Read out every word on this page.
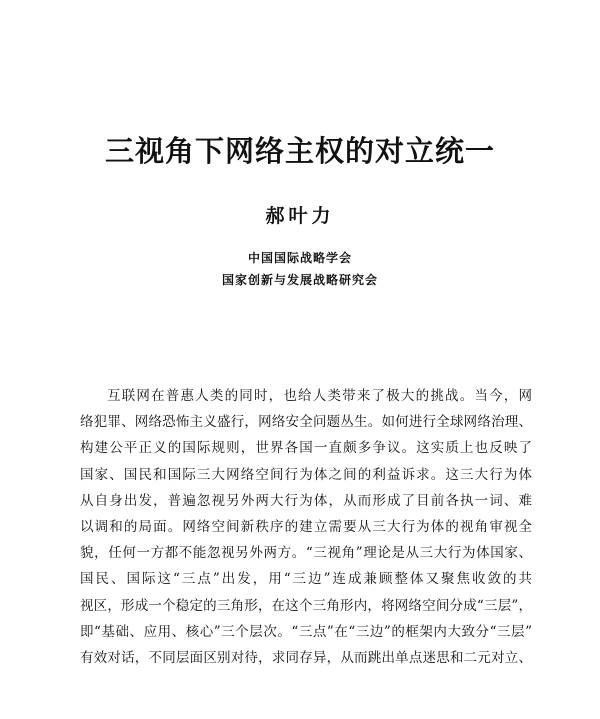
三视角下网络主权的对立统一
郝叶力
中国国际战略学会
国家创新与发展战略研究会
互联网在普惠人类的同时，也给人类带来了极大的挑战。当今，网
络犯罪、网络恐怖主义盛行，网络安全问题丛生。如何进行全球网络治理、
构建公平正义的国际规则，世界各国一直颇多争议。这实质上也反映了
国家、国民和国际三大网络空间行为体之间的利益诉求。这三大行为体
从自身出发，普遍忽视另外两大行为体，从而形成了目前各执一词、难
以调和的局面。网络空间新秩序的建立需要从三大行为体的视角审视全
貌，任何一方都不能忽视另外两方。“三视角”理论是从三大行为体国家、
国民、国际这“三点”出发，用“三边”连成兼顾整体又聚焦收敛的共
视区，形成一个稳定的三角形，在这个三角形内，将网络空间分成“三层”，
即“基础、应用、核心”三个层次。“三点”在“三边”的框架内大致分“三层”
有效对话，不同层面区别对待，求同存异，从而跳出单点迷思和二元对立、
